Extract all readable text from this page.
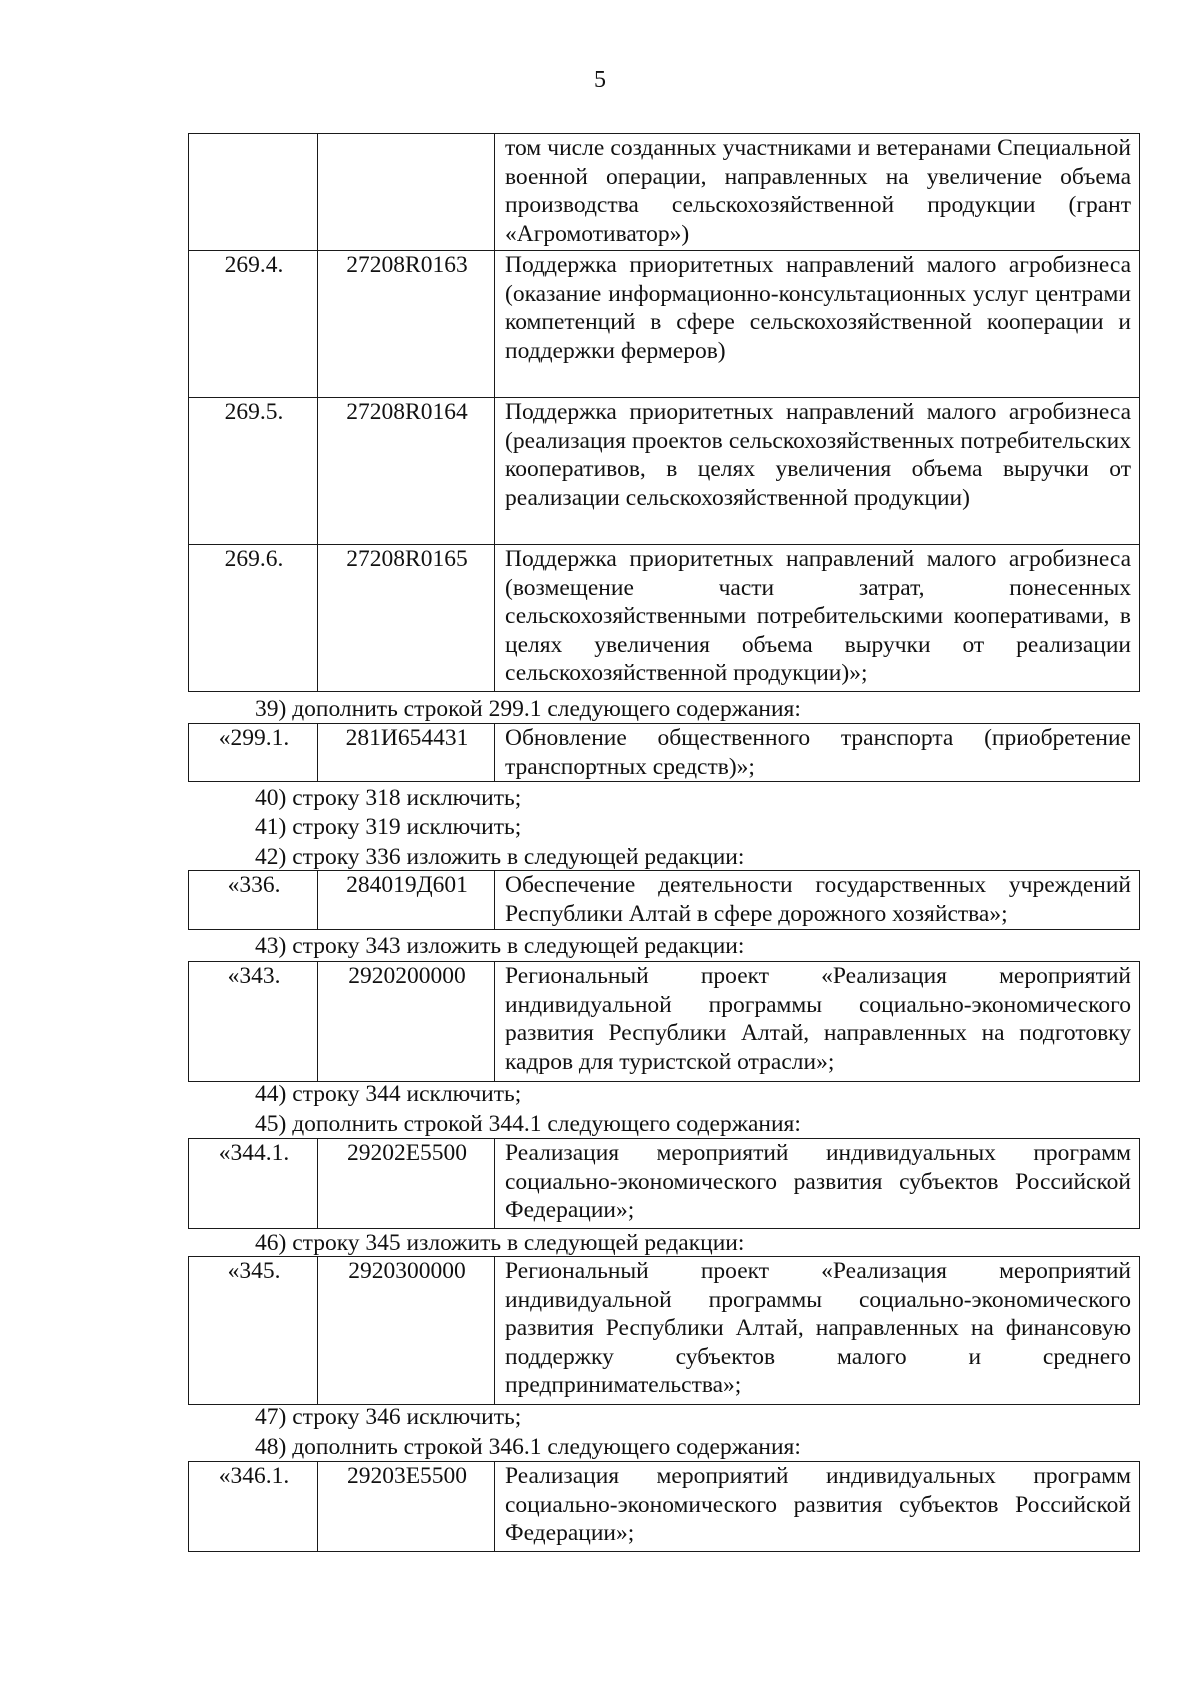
5
		том числе созданных участниками и ветеранами Специальной военной операции, направленных на увеличение объема производства сельскохозяйственной продукции (грант «Агромотиватор»)
269.4.	27208R0163	Поддержка приоритетных направлений малого агробизнеса (оказание информационно-консультационных услуг центрами компетенций в сфере сельскохозяйственной кооперации и поддержки фермеров)
269.5.	27208R0164	Поддержка приоритетных направлений малого агробизнеса (реализация проектов сельскохозяйственных потребительских кооперативов, в целях увеличения объема выручки от реализации сельскохозяйственной продукции)
269.6.	27208R0165	Поддержка приоритетных направлений малого агробизнеса (возмещение части затрат, понесенных сельскохозяйственными потребительскими кооперативами, в целях увеличения объема выручки от реализации сельскохозяйственной продукции)»;
39) дополнить строкой 299.1 следующего содержания:
«299.1.	281И654431	Обновление общественного транспорта (приобретение транспортных средств)»;
40) строку 318 исключить;
41) строку 319 исключить;
42) строку 336 изложить в следующей редакции:
«336.	284019Д601	Обеспечение деятельности государственных учреждений Республики Алтай в сфере дорожного хозяйства»;
43) строку 343 изложить в следующей редакции:
«343.	2920200000	Региональный проект «Реализация мероприятий индивидуальной программы социально-экономического развития Республики Алтай, направленных на подготовку кадров для туристской отрасли»;
44) строку 344 исключить;
45) дополнить строкой 344.1 следующего содержания:
«344.1.	29202E5500	Реализация мероприятий индивидуальных программ социально-экономического развития субъектов Российской Федерации»;
46) строку 345 изложить в следующей редакции:
«345.	2920300000	Региональный проект «Реализация мероприятий индивидуальной программы социально-экономического развития Республики Алтай, направленных на финансовую поддержку субъектов малого и среднего предпринимательства»;
47) строку 346 исключить;
48) дополнить строкой 346.1 следующего содержания:
«346.1.	29203E5500	Реализация мероприятий индивидуальных программ социально-экономического развития субъектов Российской Федерации»;
